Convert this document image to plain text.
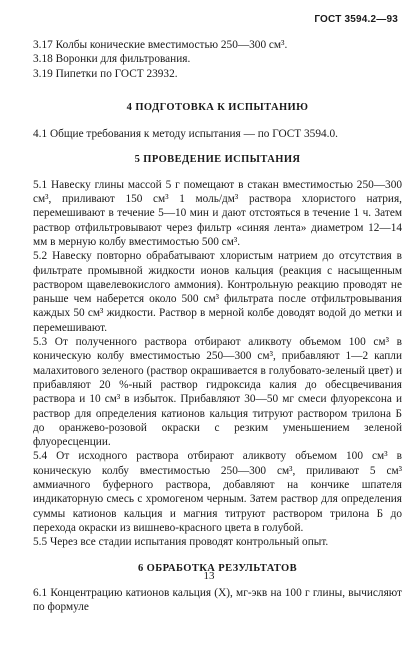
ГОСТ 3594.2—93

3.17 Колбы конические вместимостью 250—300 см³.

3.18 Воронки для фильтрования.

3.19 Пипетки по ГОСТ 23932.

4 ПОДГОТОВКА К ИСПЫТАНИЮ

4.1 Общие требования к методу испытания — по ГОСТ 3594.0.

5 ПРОВЕДЕНИЕ ИСПЫТАНИЯ

5.1 Навеску глины массой 5 г помещают в стакан вместимостью 250—300 см³, приливают 150 см³ 1 моль/дм³ раствора хлористого натрия, перемешивают в течение 5—10 мин и дают отстояться в течение 1 ч. Затем раствор отфильтровывают через фильтр «синяя лента» диаметром 12—14 мм в мерную колбу вместимостью 500 см³.

5.2 Навеску повторно обрабатывают хлористым натрием до отсутствия в фильтрате промывной жидкости ионов кальция (реакция с насыщенным раствором щавелевокислого аммония). Контрольную реакцию проводят не раньше чем наберется около 500 см³ фильтрата после отфильтровывания каждых 50 см³ жидкости. Раствор в мерной колбе доводят водой до метки и перемешивают.

5.3 От полученного раствора отбирают аликвоту объемом 100 см³ в коническую колбу вместимостью 250—300 см³, прибавляют 1—2 капли малахитового зеленого (раствор окрашивается в голубовато-зеленый цвет) и прибавляют 20 %-ный раствор гидроксида калия до обесцвечивания раствора и 10 см³ в избыток. Прибавляют 30—50 мг смеси флуорексона и раствор для определения катионов кальция титруют раствором трилона Б до оранжево-розовой окраски с резким уменьшением зеленой флуоресценции.

5.4 От исходного раствора отбирают аликвоту объемом 100 см³ в коническую колбу вместимостью 250—300 см³, приливают 5 см³ аммиачного буферного раствора, добавляют на кончике шпателя индикаторную смесь с хромогеном черным. Затем раствор для определения суммы катионов кальция и магния титруют раствором трилона Б до перехода окраски из вишнево-красного цвета в голубой.

5.5 Через все стадии испытания проводят контрольный опыт.

6 ОБРАБОТКА РЕЗУЛЬТАТОВ

6.1 Концентрацию катионов кальция (X), мг-экв на 100 г глины, вычисляют по формуле

13
